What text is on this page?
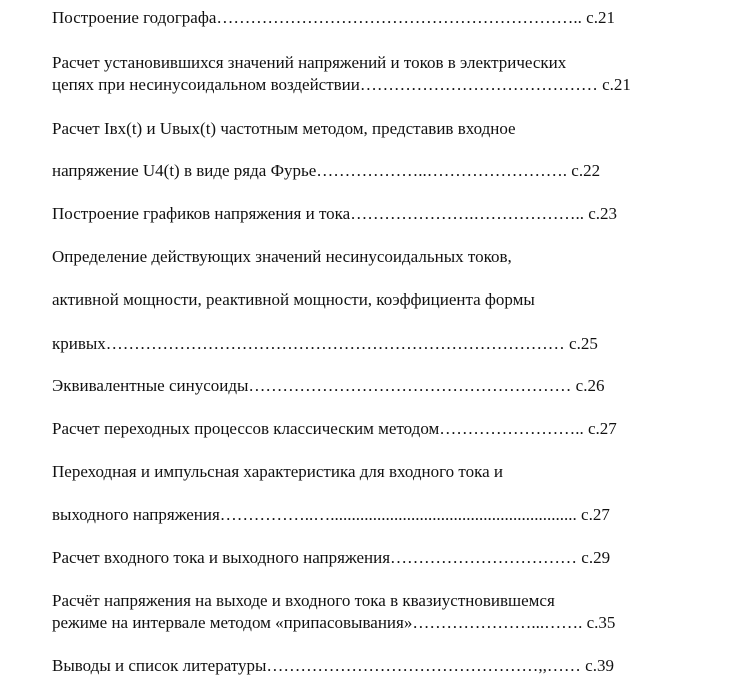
Построение годографа……………………………………………………….. с.21
Расчет установившихся значений напряжений и токов в электрических
цепях при несинусоидальном воздействии…………………………………… с.21
Расчет Iвх(t) и Uвых(t) частотным методом, представив входное
напряжение U4(t) в виде ряда Фурье………………..……………………. с.22
Построение графиков напряжения и тока………………….……………….. с.23
Определение действующих значений несинусоидальных токов,
активной мощности, реактивной мощности, коэффициента формы
кривых……………………………………………………………………… с.25
Эквивалентные синусоиды………………………………………………… с.26
Расчет переходных процессов классическим методом…………………….. с.27
Переходная и импульсная характеристика для входного тока и
выходного напряжения……………..….......................................................... с.27
Расчет входного тока и выходного напряжения…………………………… с.29
Расчёт напряжения на выходе и входного тока в квазиустновившемся
режиме на интервале методом «припасовывания»…………………...……. с.35
Выводы и список литературы…………………………………………,,…… с.39
